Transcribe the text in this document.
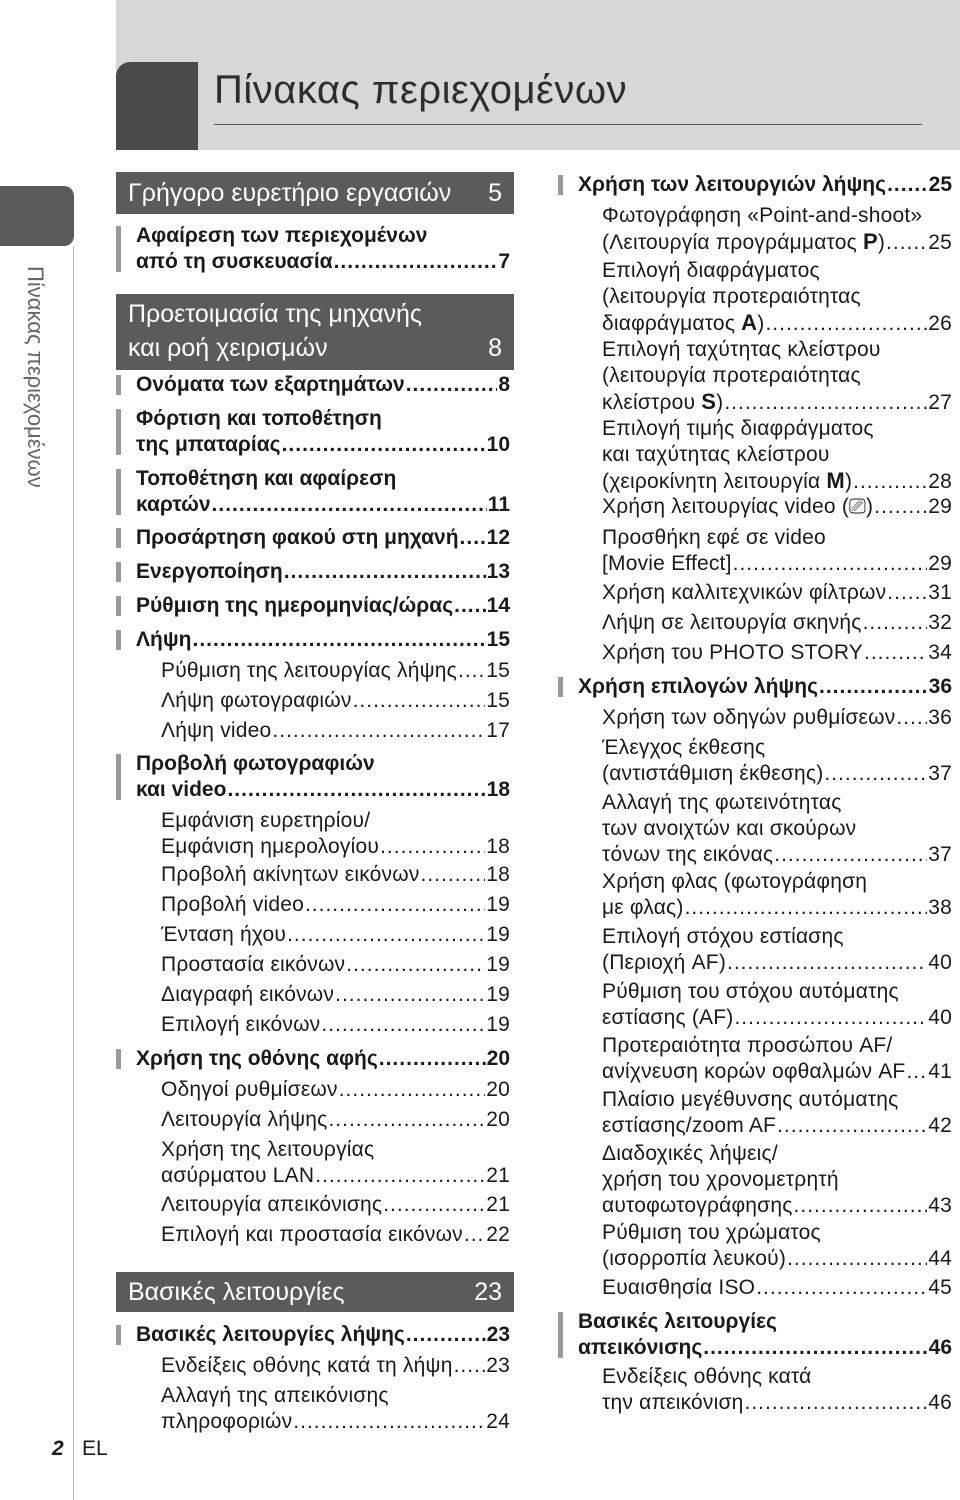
Πίνακας περιεχομένων
Πίνακας περιεχομένων
2 EL
Γρήγορο ευρετήριο εργασιών 5
Αφαίρεση των περιεχομένων
από τη συσκευασία .....	7
Προετοιμασία της μηχανής
και ροή χειρισμών	8
Ονόματα των εξαρτημάτων .....	8
Φόρτιση και τοποθέτηση
της μπαταρίας .....	10
Τοποθέτηση και αφαίρεση
καρτών .....	11
Προσάρτηση φακού στη μηχανή ..... 12
Ενεργοποίηση .....	13
Ρύθμιση της ημερομηνίας/ώρας ..... 14
Λήψη .....	15
Ρύθμιση της λειτουργίας λήψης ..... 15
Λήψη φωτογραφιών .....	15
Λήψη video .....	17
Προβολή φωτογραφιών
και video .....	18
Εμφάνιση ευρετηρίου/
Εμφάνιση ημερολογίου .....	18
Προβολή ακίνητων εικόνων .....	18
Προβολή video .....	19
Ένταση ήχου .....	19
Προστασία εικόνων .....	19
Διαγραφή εικόνων .....	19
Επιλογή εικόνων .....	19
Χρήση της οθόνης αφής .....	20
Οδηγοί ρυθμίσεων .....	20
Λειτουργία λήψης .....	20
Χρήση της λειτουργίας
ασύρματου LAN .....	21
Λειτουργία απεικόνισης .....	21
Επιλογή και προστασία εικόνων ..... 22
Βασικές λειτουργίες	23
Βασικές λειτουργίες λήψης .....	23
Ενδείξεις οθόνης κατά τη λήψη ..... 23
Αλλαγή της απεικόνισης
πληροφοριών .....	24
Χρήση των λειτουργιών λήψης ..... 25
Φωτογράφηση «Point-and-shoot»
(Λειτουργία προγράμματος P) ..... 25
Επιλογή διαφράγματος
(λειτουργία προτεραιότητας
διαφράγματος A) .....	26
Επιλογή ταχύτητας κλείστρου
(λειτουργία προτεραιότητας
κλείστρου S) .....	27
Επιλογή τιμής διαφράγματος
και ταχύτητας κλείστρου
(χειροκίνητη λειτουργία M) .....	28
Χρήση λειτουργίας video (⎚) .....	29
Προσθήκη εφέ σε video
[Movie Effect] .....	29
Χρήση καλλιτεχνικών φίλτρων ..... 31
Λήψη σε λειτουργία σκηνής .....	32
Χρήση του PHOTO STORY .....	34
Χρήση επιλογών λήψης .....	36
Χρήση των οδηγών ρυθμίσεων ..... 36
Έλεγχος έκθεσης
(αντιστάθμιση έκθεσης) .....	37
Αλλαγή της φωτεινότητας
των ανοιχτών και σκούρων
τόνων της εικόνας .....	37
Χρήση φλας (φωτογράφηση
με φλας) .....	38
Επιλογή στόχου εστίασης
(Περιοχή AF) .....	40
Ρύθμιση του στόχου αυτόματης
εστίασης (AF) .....	40
Προτεραιότητα προσώπου AF/
ανίχνευση κορών οφθαλμών AF ..... 41
Πλαίσιο μεγέθυνσης αυτόματης
εστίασης/zoom AF .....	42
Διαδοχικές λήψεις/
χρήση του χρονομετρητή
αυτοφωτογράφησης .....	43
Ρύθμιση του χρώματος
(ισορροπία λευκού) .....	44
Ευαισθησία ISO .....	45
Βασικές λειτουργίες
απεικόνισης .....	46
Ενδείξεις οθόνης κατά
την απεικόνιση .....	46
